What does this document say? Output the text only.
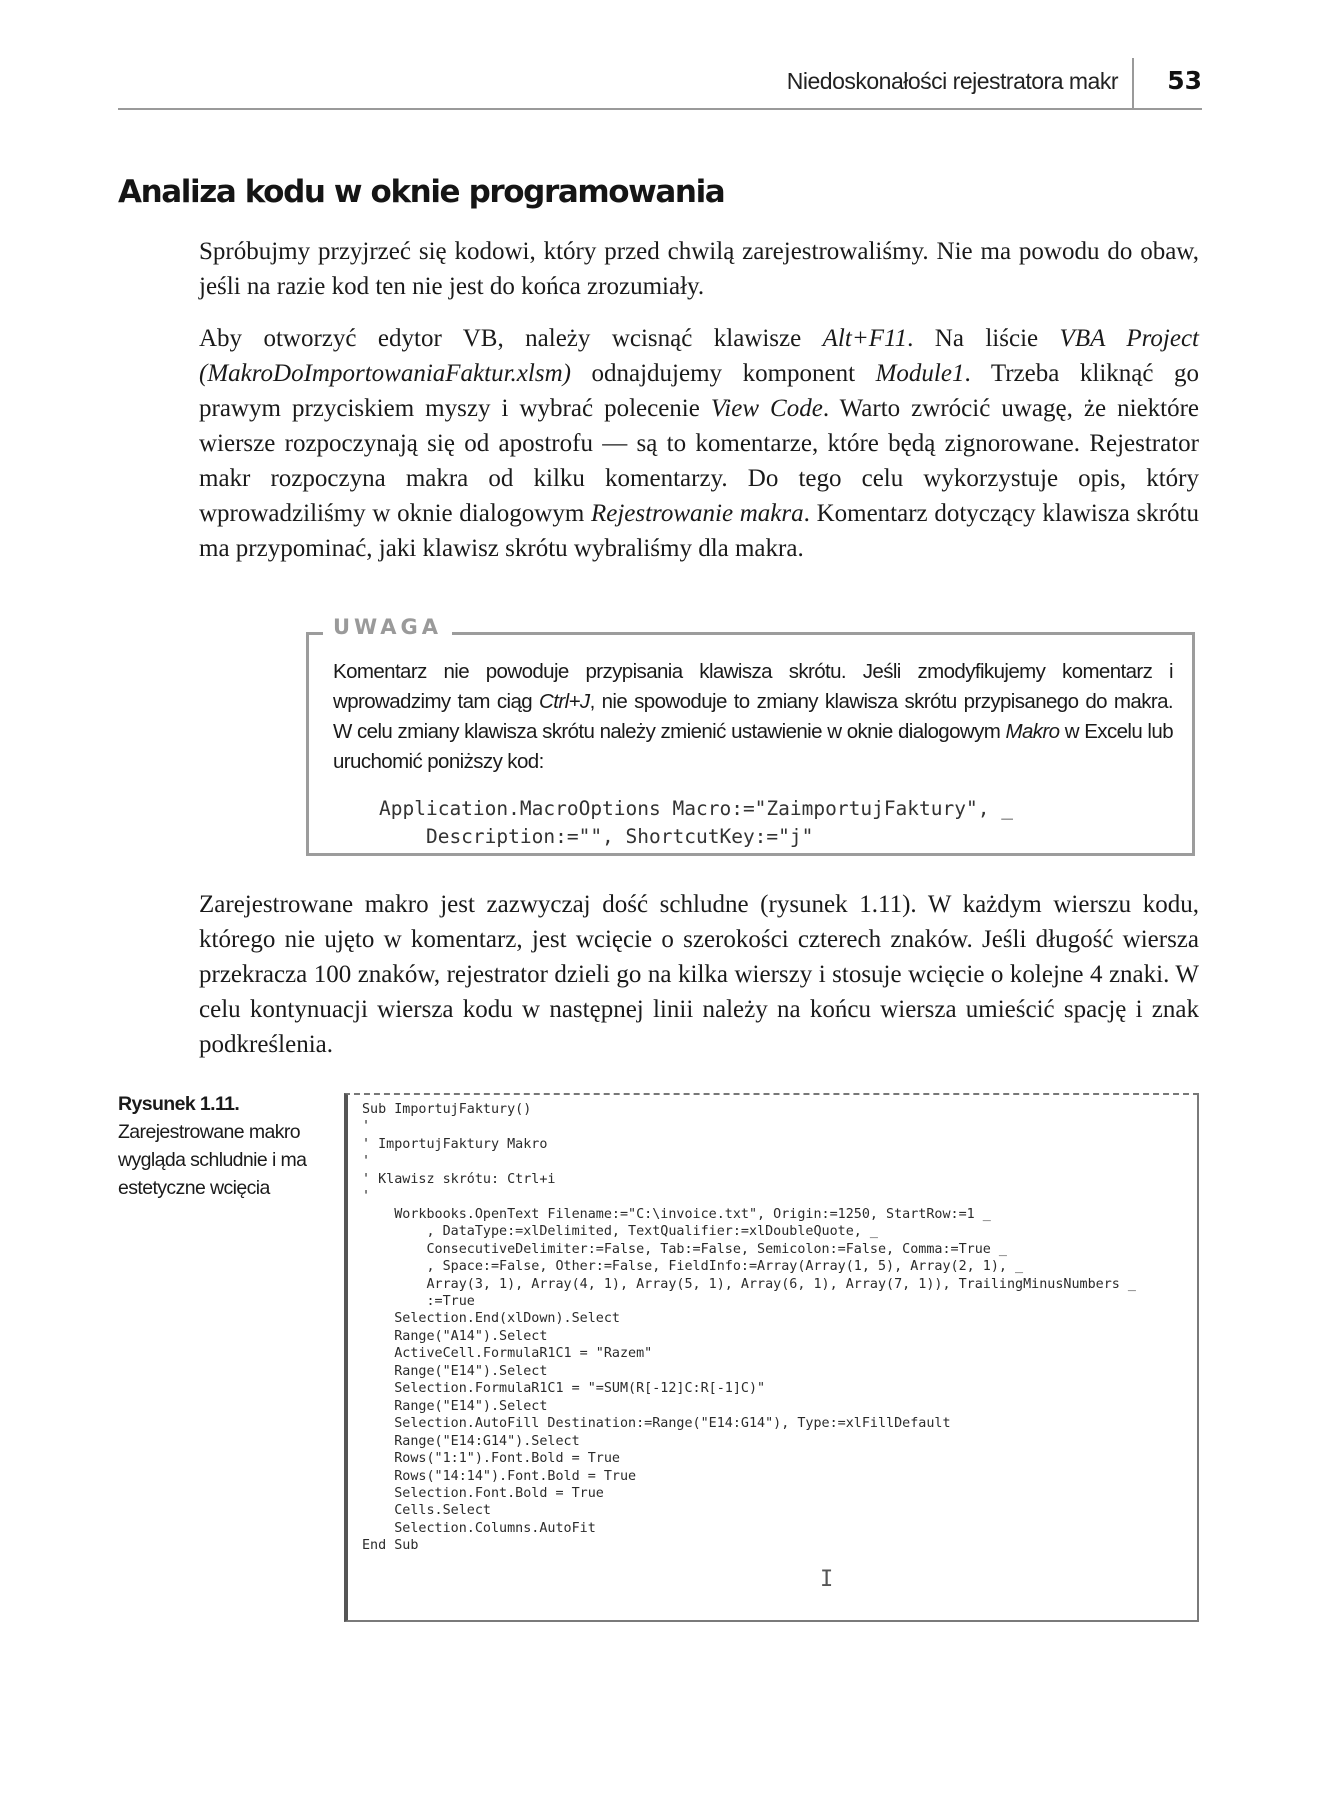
Niedoskonałości rejestratora makr 53
Analiza kodu w oknie programowania

Spróbujmy przyjrzeć się kodowi, który przed chwilą zarejestrowaliśmy. Nie ma powodu do obaw, jeśli na razie kod ten nie jest do końca zrozumiały.

Aby otworzyć edytor VB, należy wcisnąć klawisze Alt+F11. Na liście VBA Project (MakroDoImportowaniaFaktur.xlsm) odnajdujemy komponent Module1. Trzeba kliknąć go prawym przyciskiem myszy i wybrać polecenie View Code. Warto zwrócić uwagę, że niektóre wiersze rozpoczynają się od apostrofu — są to komentarze, które będą zignorowane. Rejestrator makr rozpoczyna makra od kilku komentarzy. Do tego celu wykorzystuje opis, który wprowadziliśmy w oknie dialogowym Rejestrowanie makra. Komentarz dotyczący klawisza skrótu ma przypominać, jaki klawisz skrótu wybraliśmy dla makra.

UWAGA

Komentarz nie powoduje przypisania klawisza skrótu. Jeśli zmodyfikujemy komentarz i wprowadzimy tam ciąg Ctrl+J, nie spowoduje to zmiany klawisza skrótu przypisanego do makra. W celu zmiany klawisza skrótu należy zmienić ustawienie w oknie dialogowym Makro w Excelu lub uruchomić poniższy kod:

Application.MacroOptions Macro:="ZaimportujFaktury", _
Description:="", ShortcutKey:="j"

Zarejestrowane makro jest zazwyczaj dość schludne (rysunek 1.11). W każdym wierszu kodu, którego nie ujęto w komentarz, jest wcięcie o szerokości czterech znaków. Jeśli długość wiersza przekracza 100 znaków, rejestrator dzieli go na kilka wierszy i stosuje wcięcie o kolejne 4 znaki. W celu kontynuacji wiersza kodu w następnej linii należy na końcu wiersza umieścić spację i znak podkreślenia.

Rysunek 1.11.
Zarejestrowane makro wygląda schludnie i ma estetyczne wcięcia
Sub ImportujFaktury()
'
' ImportujFaktury Makro
'
' Klawisz skrótu: Ctrl+i
'
Workbooks.OpenText Filename:="C:\invoice.txt", Origin:=1250, StartRow:=1 _
, DataType:=xlDelimited, TextQualifier:=xlDoubleQuote, _
ConsecutiveDelimiter:=False, Tab:=False, Semicolon:=False, Comma:=True _
, Space:=False, Other:=False, FieldInfo:=Array(Array(1, 5), Array(2, 1), _
Array(3, 1), Array(4, 1), Array(5, 1), Array(6, 1), Array(7, 1)), TrailingMinusNumbers _
:=True
Selection.End(xlDown).Select
Range("A14").Select
ActiveCell.FormulaR1C1 = "Razem"
Range("E14").Select
Selection.FormulaR1C1 = "=SUM(R[-12]C:R[-1]C)"
Range("E14").Select
Selection.AutoFill Destination:=Range("E14:G14"), Type:=xlFillDefault
Range("E14:G14").Select
Rows("1:1").Font.Bold = True
Rows("14:14").Font.Bold = True
Selection.Font.Bold = True
Cells.Select
Selection.Columns.AutoFit
End Sub
I
